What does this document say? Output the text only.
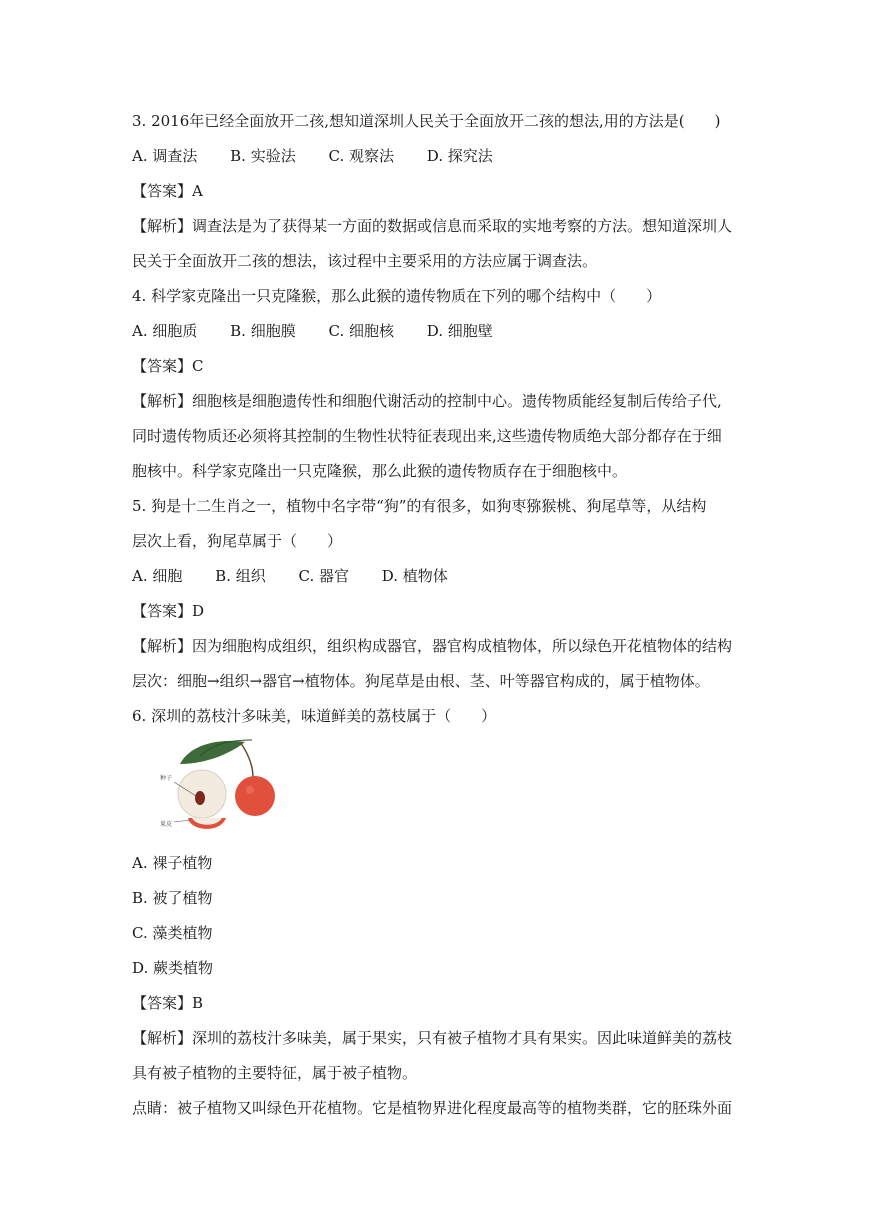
3. 2016年已经全面放开二孩,想知道深圳人民关于全面放开二孩的想法,用的方法是(　　)
A. 调查法 B. 实验法 C. 观察法 D. 探究法
【答案】A
【解析】调查法是为了获得某一方面的数据或信息而采取的实地考察的方法。想知道深圳人
民关于全面放开二孩的想法，该过程中主要采用的方法应属于调查法。
4. 科学家克隆出一只克隆猴，那么此猴的遗传物质在下列的哪个结构中（　　）
A. 细胞质 B. 细胞膜 C. 细胞核 D. 细胞壁
【答案】C
【解析】细胞核是细胞遗传性和细胞代谢活动的控制中心。遗传物质能经复制后传给子代,
同时遗传物质还必须将其控制的生物性状特征表现出来,这些遗传物质绝大部分都存在于细
胞核中。科学家克隆出一只克隆猴，那么此猴的遗传物质存在于细胞核中。
5. 狗是十二生肖之一，植物中名字带“狗”的有很多，如狗枣猕猴桃、狗尾草等，从结构
层次上看，狗尾草属于（　　）
A. 细胞 B. 组织 C. 器官 D. 植物体
【答案】D
【解析】因为细胞构成组织，组织构成器官，器官构成植物体，所以绿色开花植物体的结构
层次：细胞→组织→器官→植物体。狗尾草是由根、茎、叶等器官构成的，属于植物体。
6. 深圳的荔枝汁多味美，味道鲜美的荔枝属于（　　）
种子
果皮
A. 裸子植物
B. 被了植物
C. 藻类植物
D. 蕨类植物
【答案】B
【解析】深圳的荔枝汁多味美，属于果实，只有被子植物才具有果实。因此味道鲜美的荔枝
具有被子植物的主要特征，属于被子植物。
点睛：被子植物又叫绿色开花植物。它是植物界进化程度最高等的植物类群，它的胚珠外面
